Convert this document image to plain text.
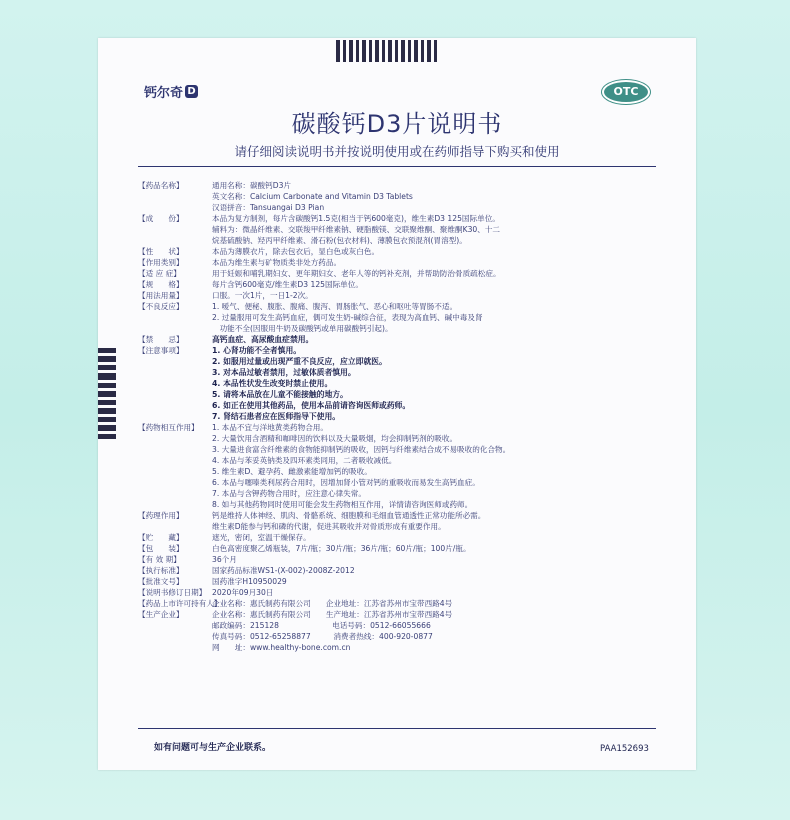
钙尔奇 D	OTC
碳酸钙D3片说明书
请仔细阅读说明书并按说明使用或在药师指导下购买和使用
【药品名称】	通用名称：碳酸钙D3片
英文名称：Calcium Carbonate and Vitamin D3 Tablets
汉语拼音：Tansuangai D3 Pian
【成　　份】	本品为复方制剂，每片含碳酸钙1.5克(相当于钙600毫克)，维生素D3 125国际单位。
辅料为：微晶纤维素、交联羧甲纤维素钠、硬脂酸镁、交联聚维酮、聚维酮K30、十二
烷基硫酸钠、羟丙甲纤维素、滑石粉(包衣材料)、薄膜包衣预混剂(胃溶型)。
【性　　状】	本品为薄膜衣片，除去包衣后，显白色或灰白色。
【作用类别】	本品为维生素与矿物质类非处方药品。
【适 应 症】	用于妊娠和哺乳期妇女、更年期妇女、老年人等的钙补充剂，并帮助防治骨质疏松症。
【规　　格】	每片含钙600毫克/维生素D3 125国际单位。
【用法用量】	口服。一次1片，一日1-2次。
【不良反应】	1. 嗳气、便秘、腹胀、腹痛、腹泻、胃肠胀气、恶心和呕吐等胃肠不适。
2. 过量服用可发生高钙血症，偶可发生奶-碱综合征，表现为高血钙、碱中毒及肾
　功能不全(因服用牛奶及碳酸钙或单用碳酸钙引起)。
【禁　　忌】	高钙血症、高尿酸血症禁用。
【注意事项】	1. 心肾功能不全者慎用。
2. 如服用过量或出现严重不良反应，应立即就医。
3. 对本品过敏者禁用，过敏体质者慎用。
4. 本品性状发生改变时禁止使用。
5. 请将本品放在儿童不能接触的地方。
6. 如正在使用其他药品，使用本品前请咨询医师或药师。
7. 肾结石患者应在医师指导下使用。
【药物相互作用】	1. 本品不宜与洋地黄类药物合用。
2. 大量饮用含酒精和咖啡因的饮料以及大量吸烟，均会抑制钙剂的吸收。
3. 大量进食富含纤维素的食物能抑制钙的吸收，因钙与纤维素结合成不易吸收的化合物。
4. 本品与苯妥英钠类及四环素类同用，二者吸收减低。
5. 维生素D、避孕药、雌激素能增加钙的吸收。
6. 本品与噻嗪类利尿药合用时，因增加肾小管对钙的重吸收而易发生高钙血症。
7. 本品与含钾药物合用时，应注意心律失常。
8. 如与其他药物同时使用可能会发生药物相互作用，详情请咨询医师或药师。
【药理作用】	钙是维持人体神经、肌肉、骨骼系统、细胞膜和毛细血管通透性正常功能所必需。
维生素D能参与钙和磷的代谢，促进其吸收并对骨质形成有重要作用。
【贮　　藏】	遮光，密闭，室温干燥保存。
【包　　装】	白色高密度聚乙烯瓶装，7片/瓶；30片/瓶；36片/瓶；60片/瓶；100片/瓶。
【有 效 期】	36个月
【执行标准】	国家药品标准WS1-(X-002)-2008Z-2012
【批准文号】	国药准字H10950029
【说明书修订日期】 2020年09月30日
【药品上市许可持有人】
企业名称：惠氏制药有限公司　　企业地址：江苏省苏州市宝带西路4号
【生产企业】	企业名称：惠氏制药有限公司　　生产地址：江苏省苏州市宝带西路4号
邮政编码：215128　　　　　　　电话号码：0512-66055666
传真号码：0512-65258877　　　消费者热线：400-920-0877
网　　址：www.healthy-bone.com.cn
如有问题可与生产企业联系。	PAA152693
